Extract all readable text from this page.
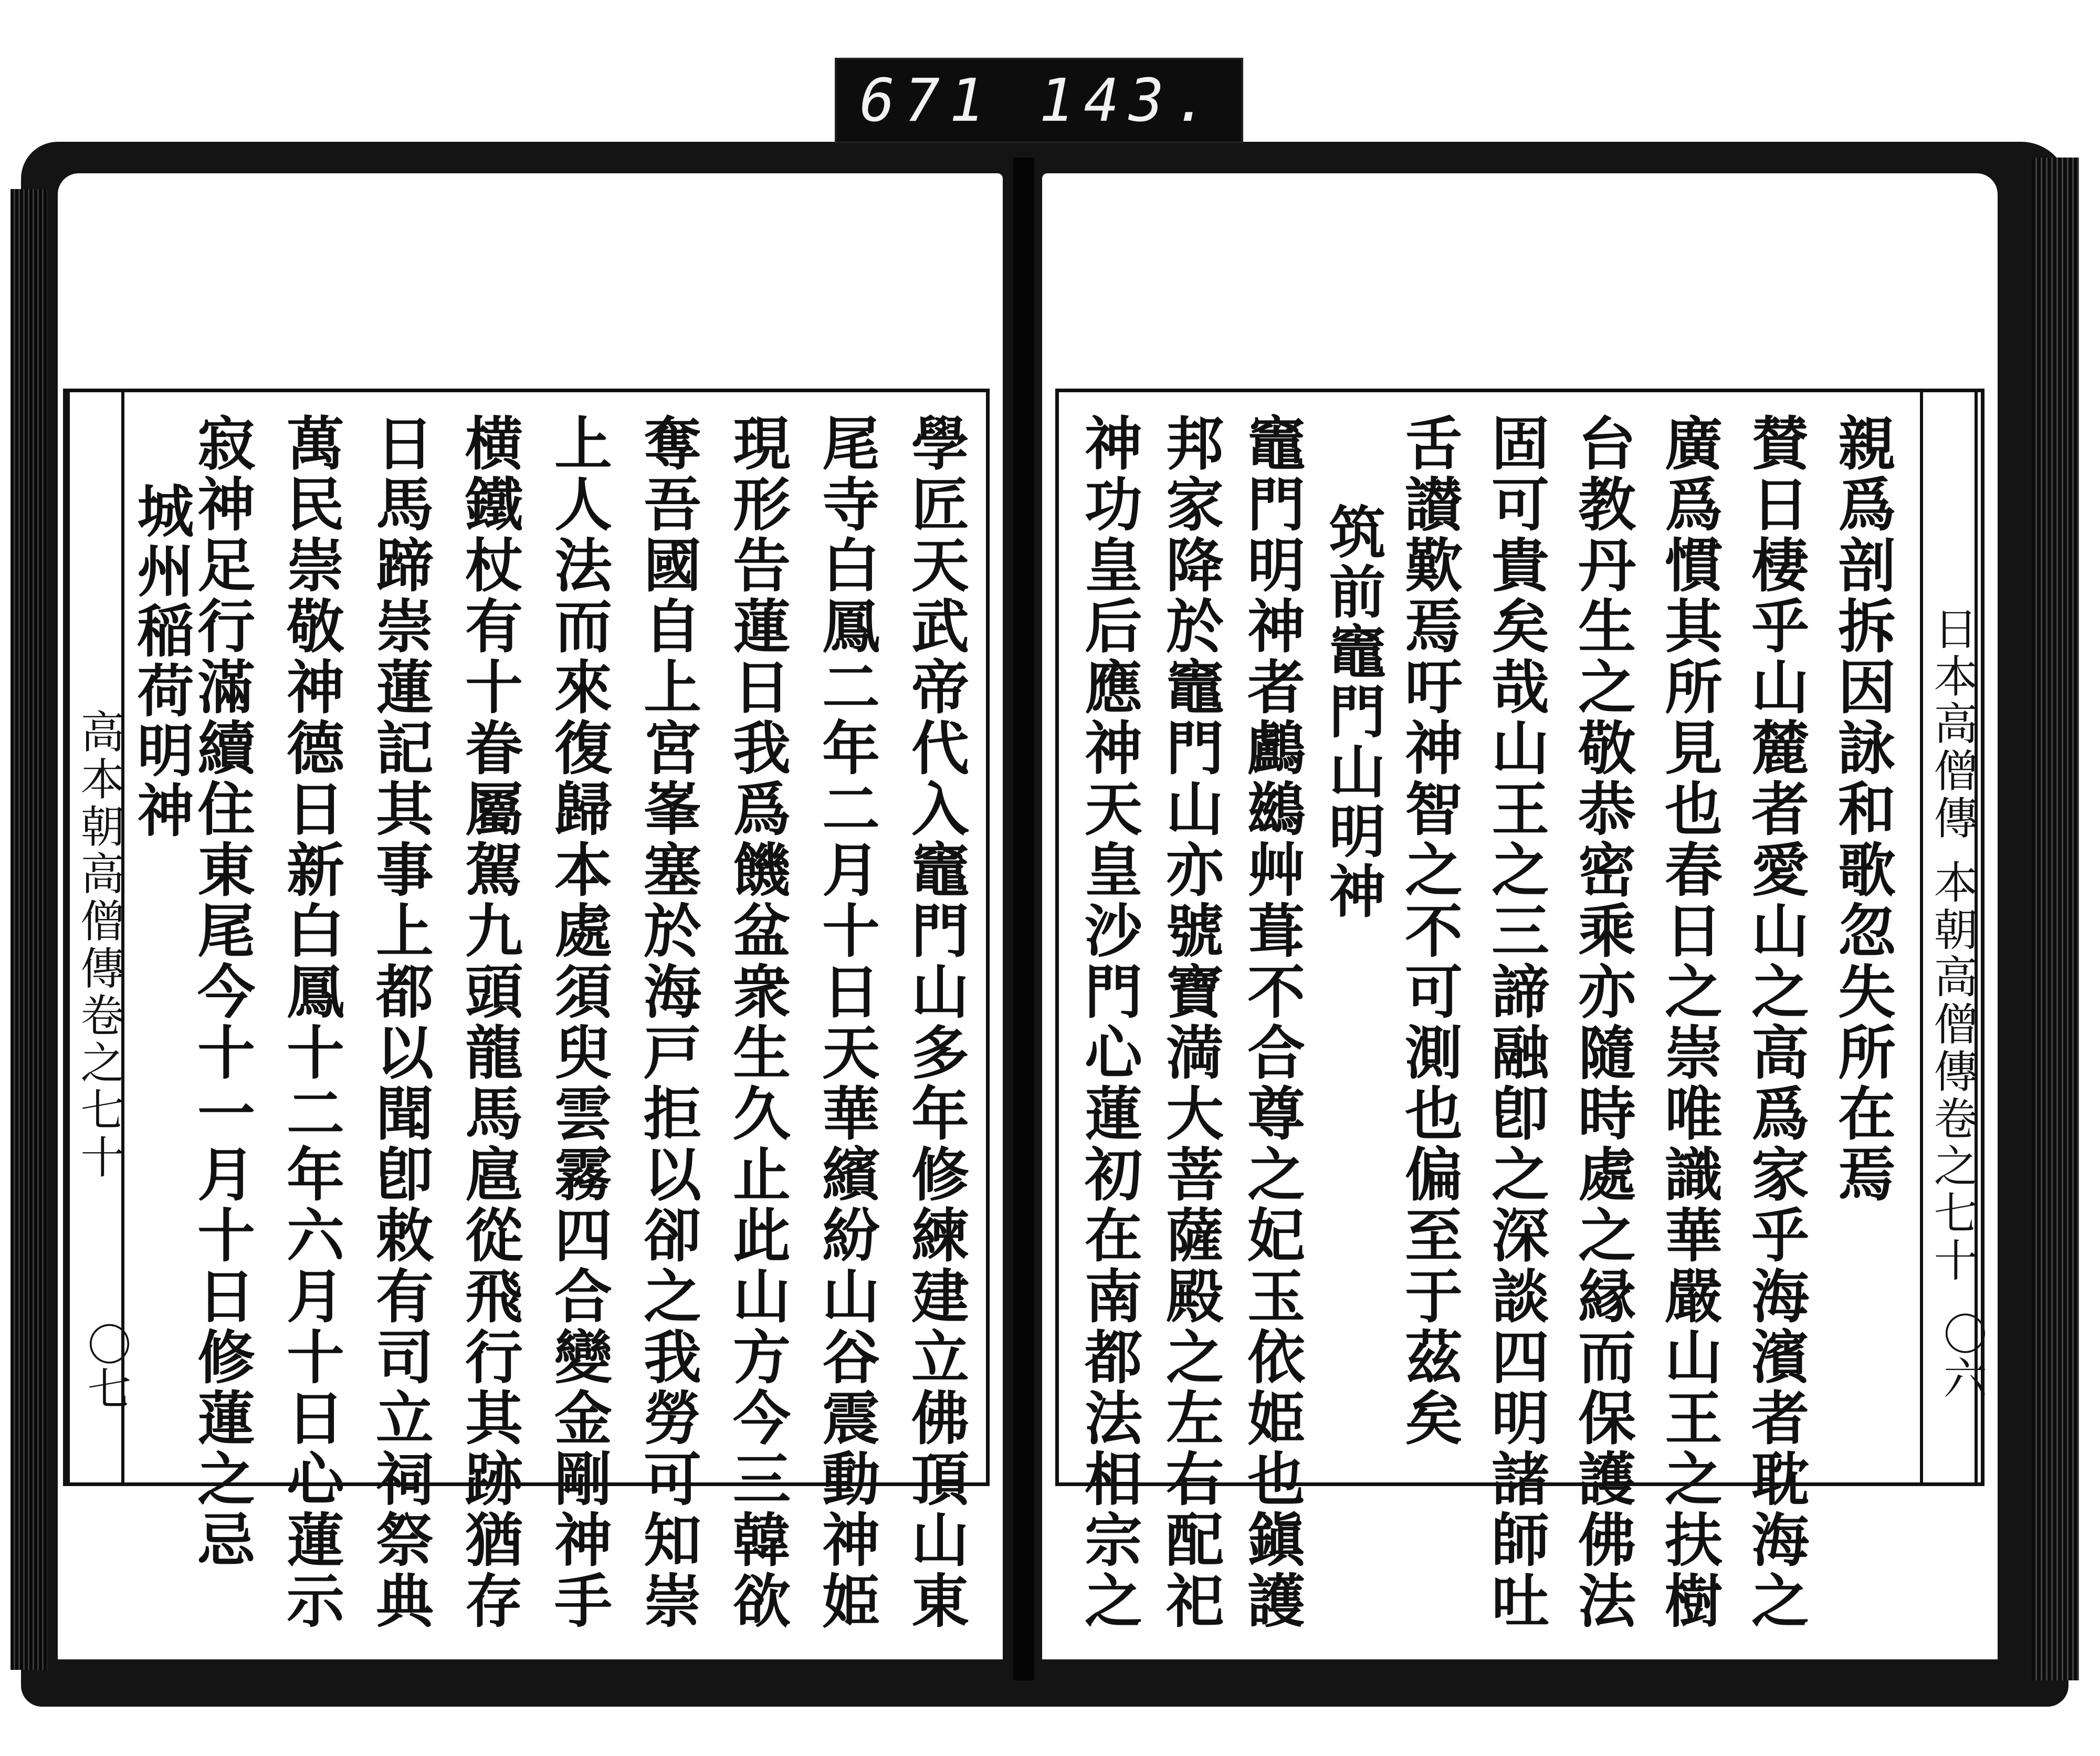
671 143.
高本朝高僧傳卷之七十
〇七	學匠天武帝代入竈門山多年修練建立佛頂山東
尾寺白鳳二年二月十日天華繽紛山谷震動神姫
現形告蓮日我爲饑盆衆生久止此山方今三韓欲
奪吾國自上宮峯塞於海戸拒以卻之我勞可知崇
上人法而來復歸本處須臾雲霧四合變金剛神手
横鐵杖有十眷屬駕九頭龍馬扈從飛行其跡猶存
日馬蹄崇蓮記其事上都以聞卽敕有司立祠祭典
萬民崇敬神德日新白鳳十二年六月十日心蓮示
寂神足行滿續住東尾今十一月十日修蓮之忌
城州稲荷明神	日本高僧傳 本朝高僧傳卷之七十
〇六
親爲剖拆因詠和歌忽失所在焉
賛日棲乎山麓者愛山之高爲家乎海濱者耽海之
廣爲慣其所見也春日之崇唯識華嚴山王之扶樹
台教丹生之敬恭密乘亦隨時處之縁而保護佛法
固可貴矣哉山王之三諦融卽之深談四明諸師吐
舌讃歎焉吁神智之不可測也偏至于茲矣
筑前竈門山明神
竈門明神者鸕鷀艸葺不合尊之妃玉依姫也鎭護
邦家降於竈門山亦號寶満大菩薩殿之左右配祀
神功皇后應神天皇沙門心蓮初在南都法相宗之
